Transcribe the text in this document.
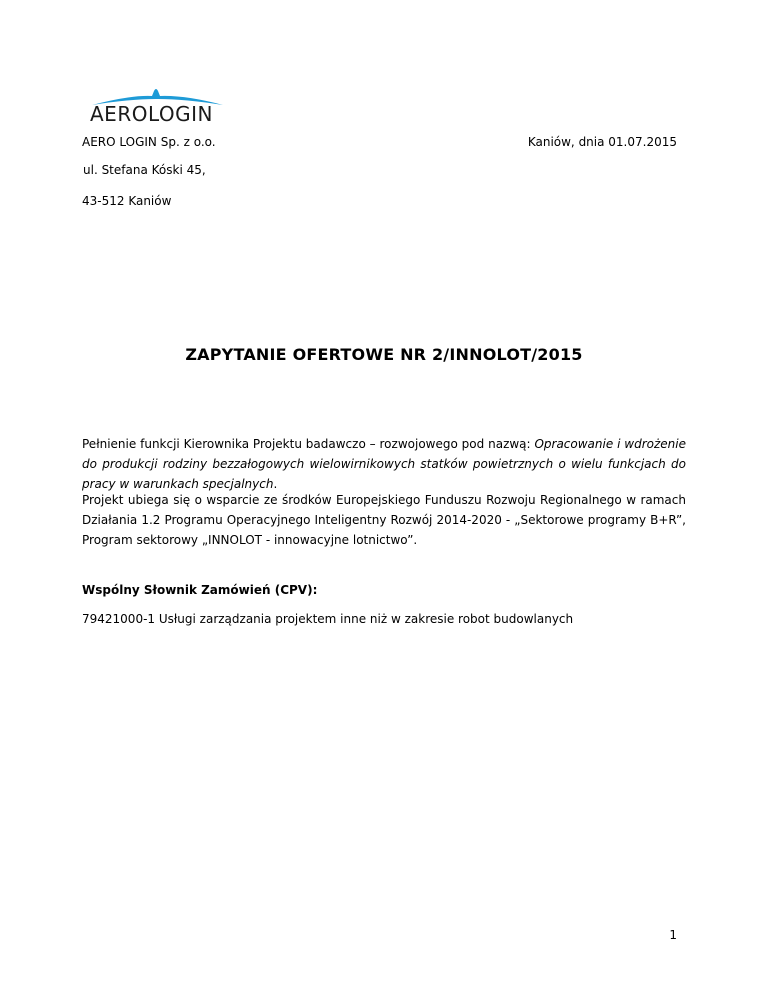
AEROLOGIN
AERO LOGIN Sp. z o.o.	Kaniów, dnia 01.07.2015
ul. Stefana Kóski 45,
43-512 Kaniów
ZAPYTANIE OFERTOWE NR 2/INNOLOT/2015
Pełnienie funkcji Kierownika Projektu badawczo – rozwojowego pod nazwą: Opracowanie i wdrożenie do produkcji rodziny bezzałogowych wielowirnikowych statków powietrznych o wielu funkcjach do pracy w warunkach specjalnych.
Projekt ubiega się o wsparcie ze środków Europejskiego Funduszu Rozwoju Regionalnego w ramach Działania 1.2 Programu Operacyjnego Inteligentny Rozwój 2014-2020 - „Sektorowe programy B+R”, Program sektorowy „INNOLOT - innowacyjne lotnictwo”.
Wspólny Słownik Zamówień (CPV):
79421000-1 Usługi zarządzania projektem inne niż w zakresie robot budowlanych
1
